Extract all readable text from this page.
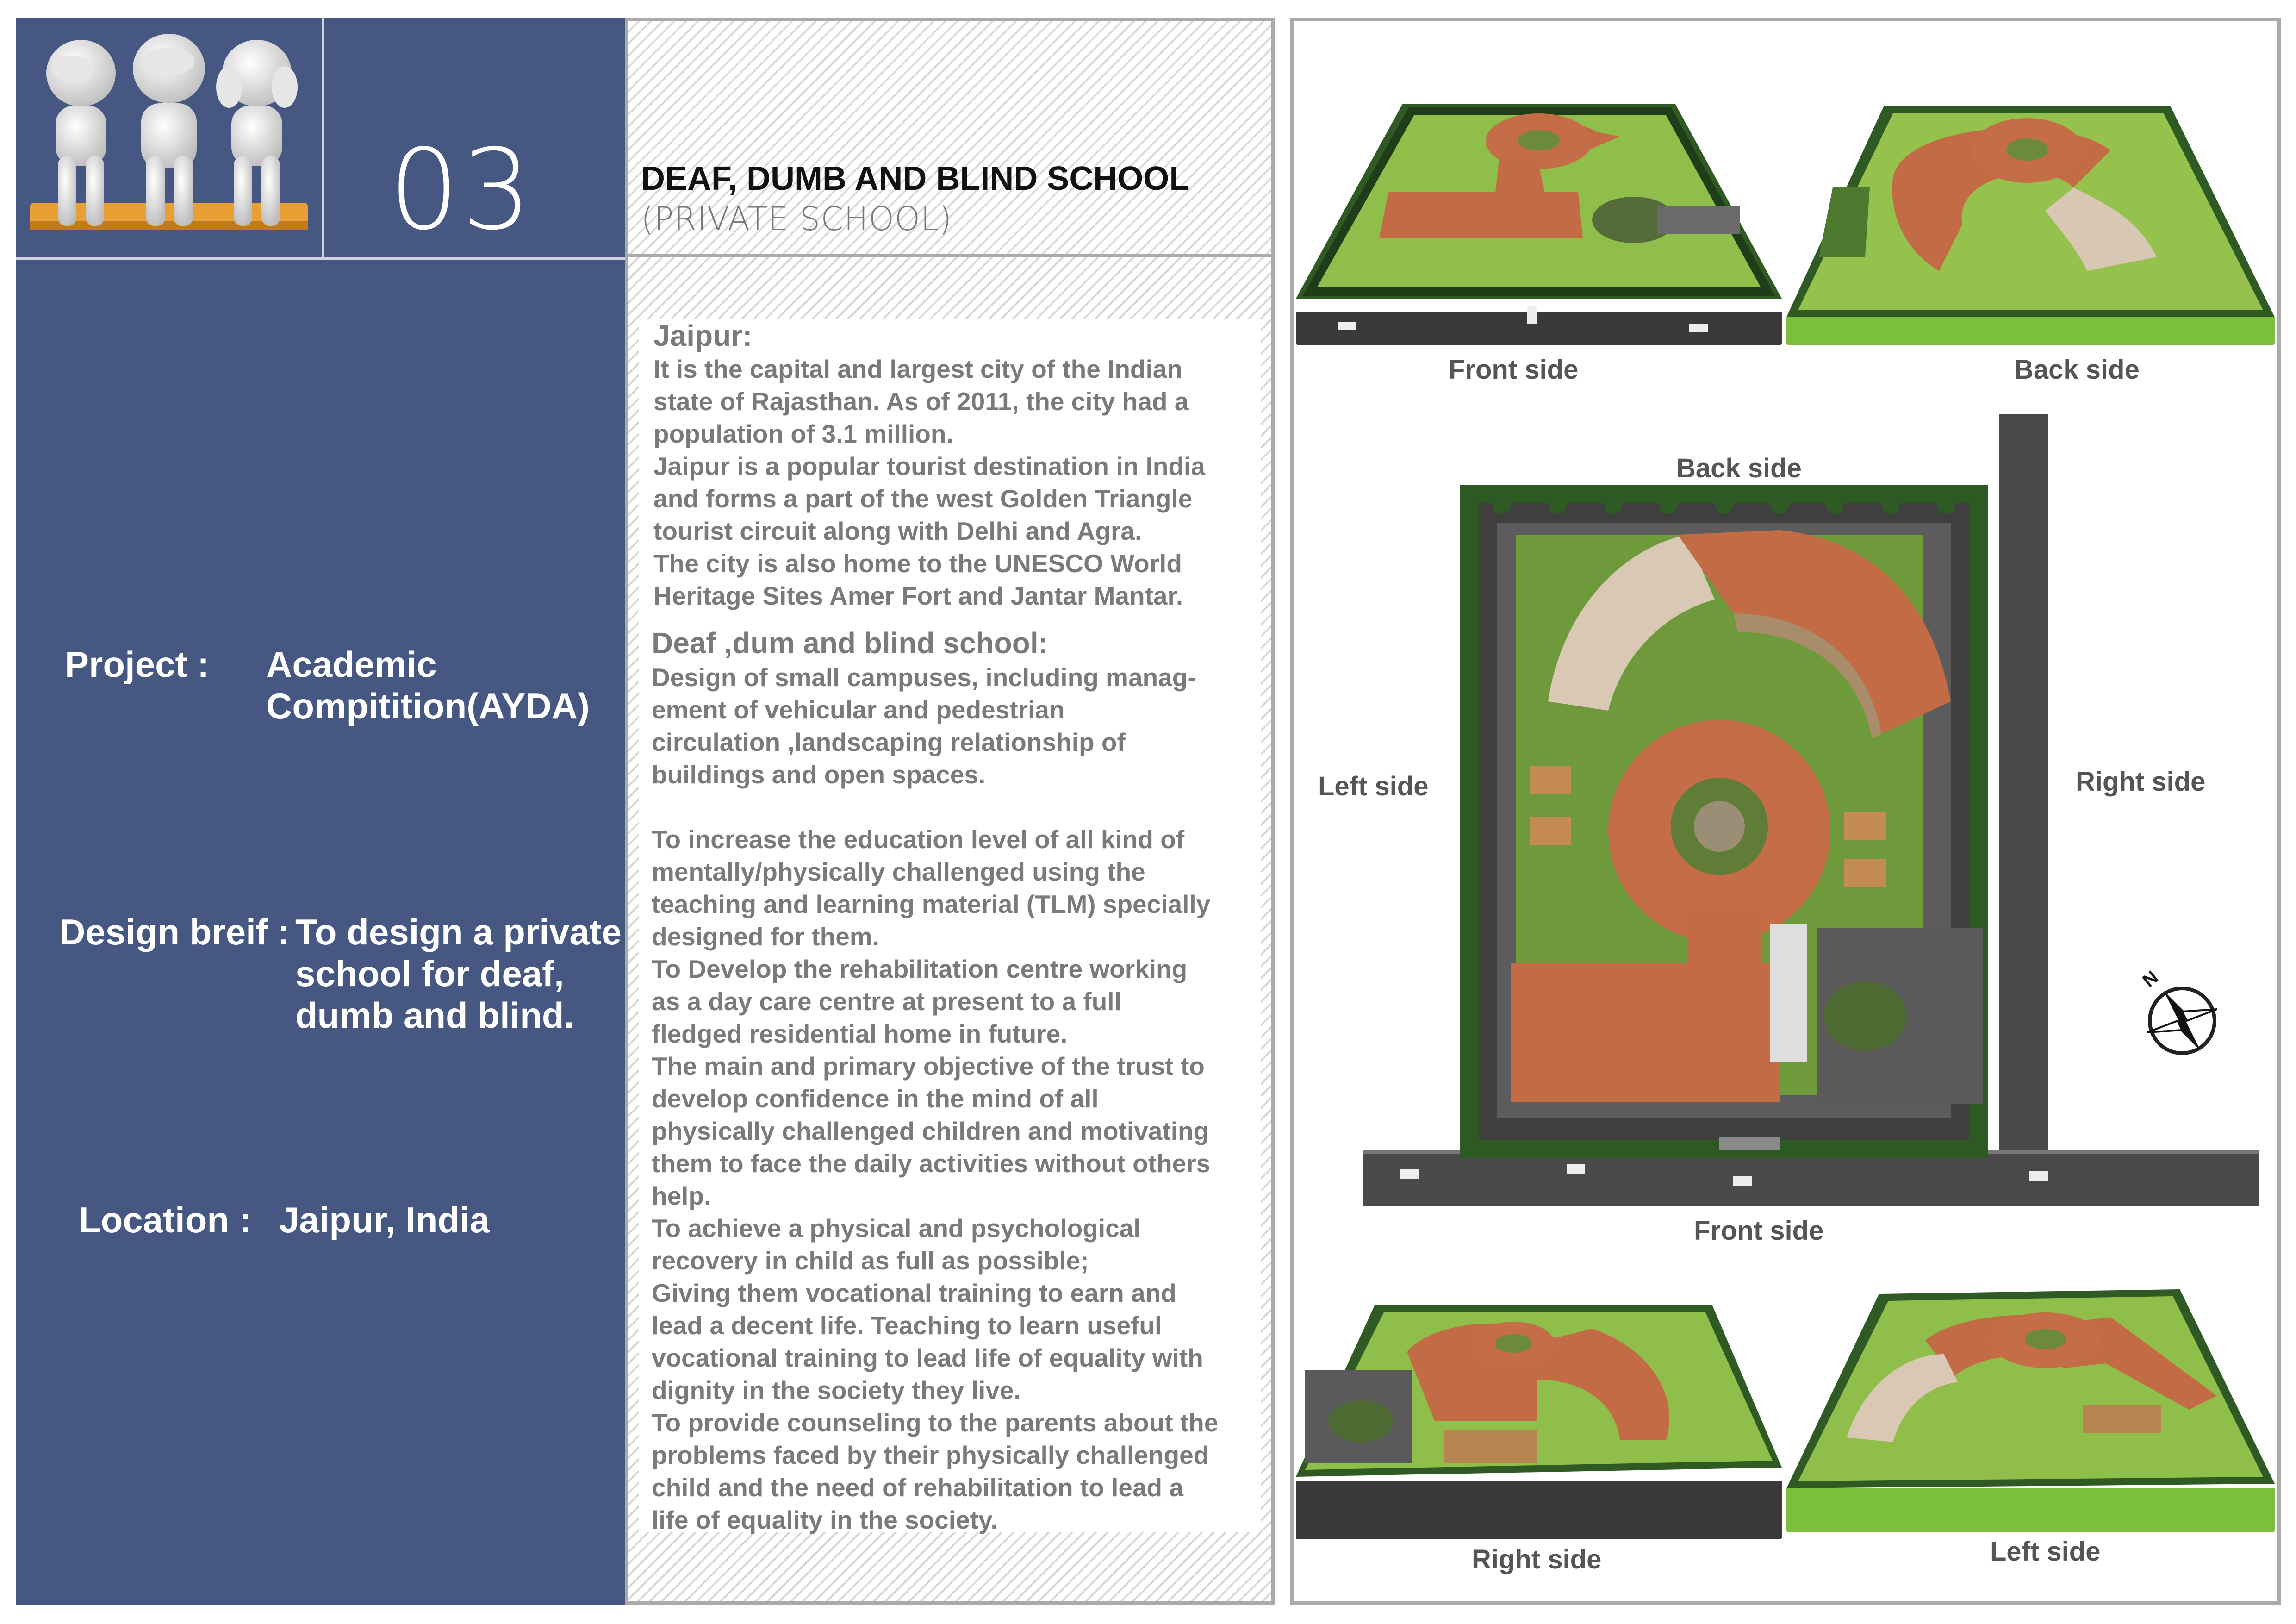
03
Project : Academic
Compitition(AYDA)
Design breif : To design a private
school for deaf,
dumb and blind.
Location : Jaipur, India
DEAF, DUMB AND BLIND SCHOOL
(PRIVATE SCHOOL)
Jaipur:
It is the capital and largest city of the Indian
state of Rajasthan. As of 2011, the city had a
population of 3.1 million.
Jaipur is a popular tourist destination in India
and forms a part of the west Golden Triangle
tourist circuit along with Delhi and Agra.
The city is also home to the UNESCO World
Heritage Sites Amer Fort and Jantar Mantar.
Deaf ,dum and blind school:
Design of small campuses, including manag-
ement of vehicular and pedestrian
circulation ,landscaping relationship of
buildings and open spaces.
To increase the education level of all kind of
mentally/physically challenged using the
teaching and learning material (TLM) specially
designed for them.
To Develop the rehabilitation centre working
as a day care centre at present to a full
fledged residential home in future.
The main and primary objective of the trust to
develop confidence in the mind of all
physically challenged children and motivating
them to face the daily activities without others
help.
To achieve a physical and psychological
recovery in child as full as possible;
Giving them vocational training to earn and
lead a decent life. Teaching to learn useful
vocational training to lead life of equality with
dignity in the society they live.
To provide counseling to the parents about the
problems faced by their physically challenged
child and the need of rehabilitation to lead a
life of equality in the society.
Front side	Back side
Back side
Left side	Right side
Front side
N
Right side	Left side
